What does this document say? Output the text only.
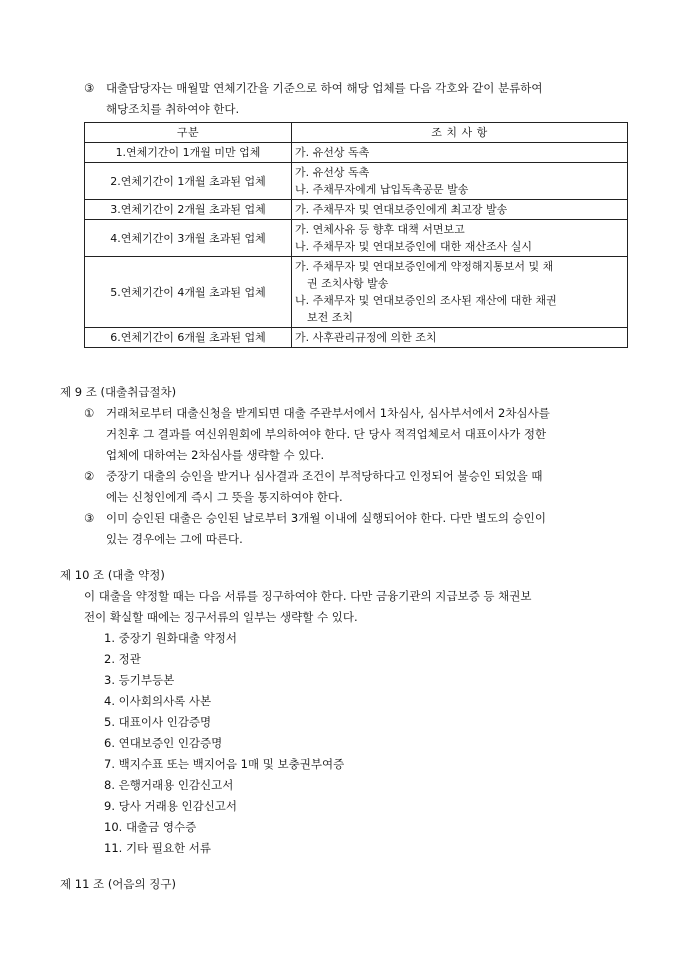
③ 대출담당자는 매월말 연체기간을 기준으로 하여 해당 업체를 다음 각호와 같이 분류하여
해당조치를 취하여야 한다.
구분	조 치 사 항
1.연체기간이 1개월 미만 업체	가. 유선상 독촉

2.연체기간이 1개월 초과된 업체	가. 유선상 독촉
나. 주채무자에게 납입독촉공문 발송

3.연체기간이 2개월 초과된 업체	가. 주채무자 및 연대보증인에게 최고장 발송

4.연체기간이 3개월 초과된 업체	가. 연체사유 등 향후 대책 서면보고
나. 주채무자 및 연대보증인에 대한 재산조사 실시

5.연체기간이 4개월 초과된 업체	가. 주채무자 및 연대보증인에게 약정해지통보서 및 채
권 조치사항 발송
나. 주채무자 및 연대보증인의 조사된 재산에 대한 채권
보전 조치

6.연체기간이 6개월 초과된 업체	가. 사후관리규정에 의한 조치
제 9 조 (대출취급절차)
① 거래처로부터 대출신청을 받게되면 대출 주관부서에서 1차심사, 심사부서에서 2차심사를
거친후 그 결과를 여신위원회에 부의하여야 한다. 단 당사 적격업체로서 대표이사가 정한
업체에 대하여는 2차심사를 생략할 수 있다.
② 중장기 대출의 승인을 받거나 심사결과 조건이 부적당하다고 인정되어 불승인 되었을 때
에는 신청인에게 즉시 그 뜻을 통지하여야 한다.
③ 이미 승인된 대출은 승인된 날로부터 3개월 이내에 실행되어야 한다. 다만 별도의 승인이
있는 경우에는 그에 따른다.
제 10 조 (대출 약정)
이 대출을 약정할 때는 다음 서류를 징구하여야 한다. 다만 금융기관의 지급보증 등 채권보
전이 확실할 때에는 징구서류의 일부는 생략할 수 있다.
1. 중장기 원화대출 약정서
2. 정관
3. 등기부등본
4. 이사회의사록 사본
5. 대표이사 인감증명
6. 연대보증인 인감증명
7. 백지수표 또는 백지어음 1매 및 보충권부여증
8. 은행거래용 인감신고서
9. 당사 거래용 인감신고서
10. 대출금 영수증
11. 기타 필요한 서류
제 11 조 (어음의 징구)
